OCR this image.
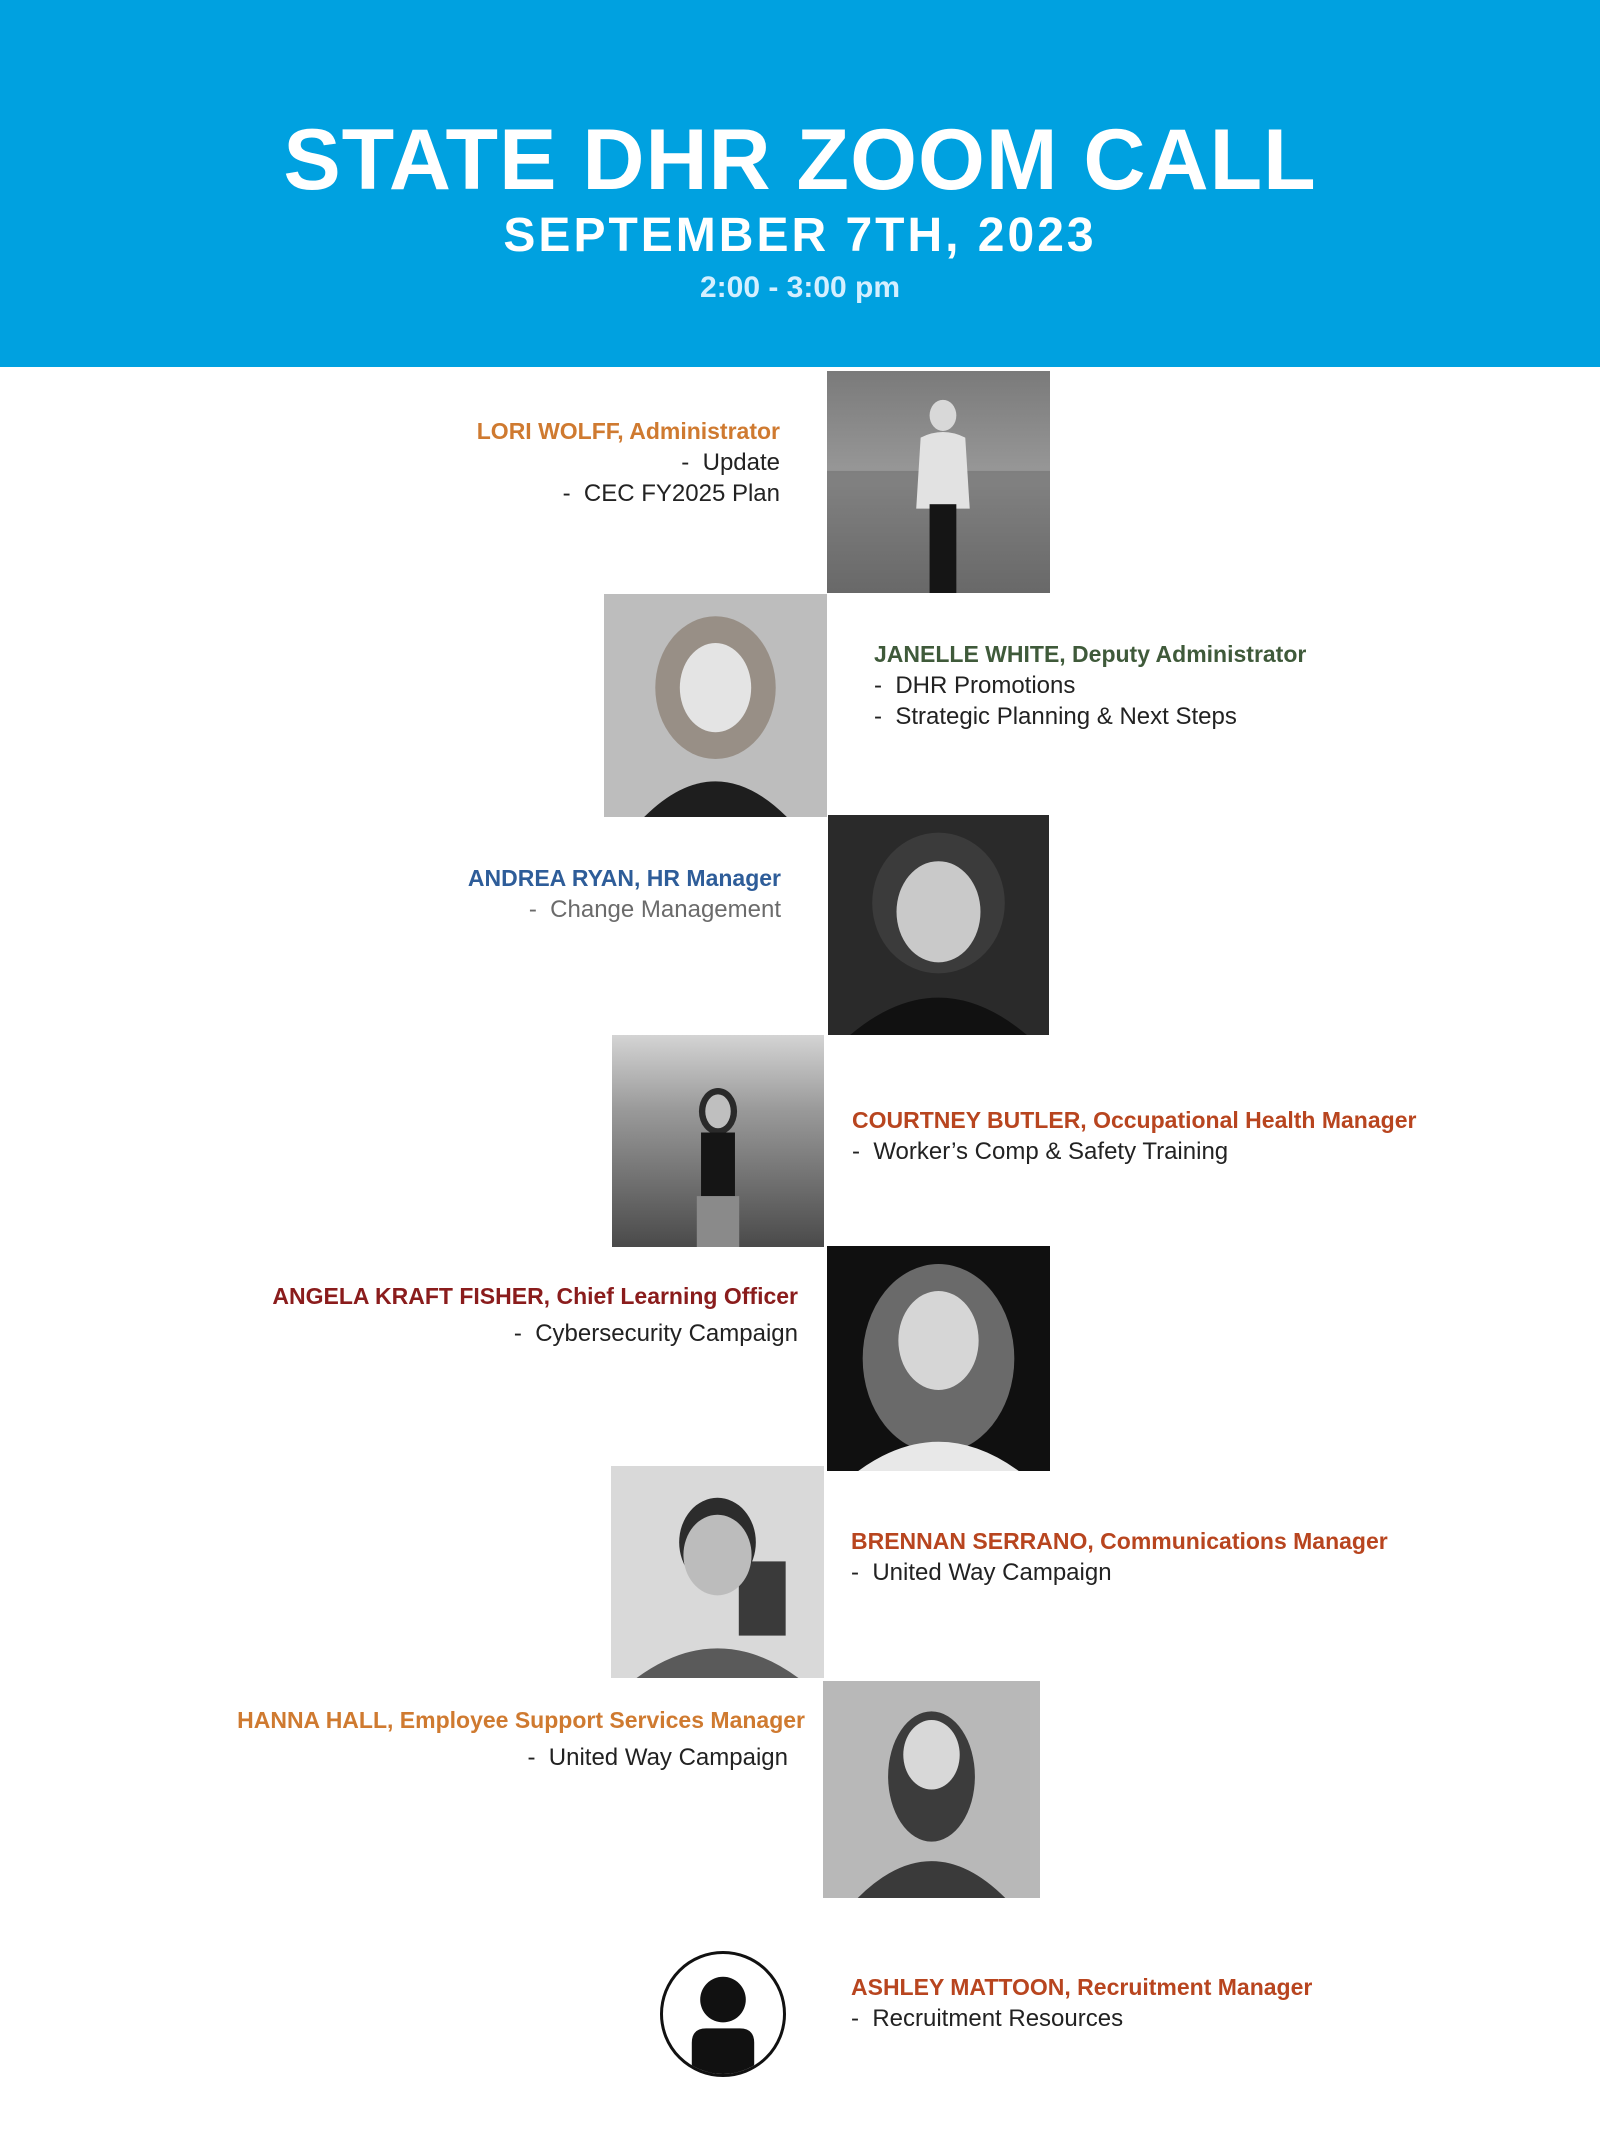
STATE DHR ZOOM CALL
SEPTEMBER 7TH, 2023
2:00 - 3:00 pm
LORI WOLFF, Administrator
- Update
- CEC FY2025 Plan
JANELLE WHITE, Deputy Administrator
- DHR Promotions
- Strategic Planning & Next Steps
ANDREA RYAN, HR Manager
- Change Management
COURTNEY BUTLER, Occupational Health Manager
- Worker’s Comp & Safety Training
ANGELA KRAFT FISHER, Chief Learning Officer
- Cybersecurity Campaign
BRENNAN SERRANO, Communications Manager
- United Way Campaign
HANNA HALL, Employee Support Services Manager
- United Way Campaign
ASHLEY MATTOON, Recruitment Manager
- Recruitment Resources
